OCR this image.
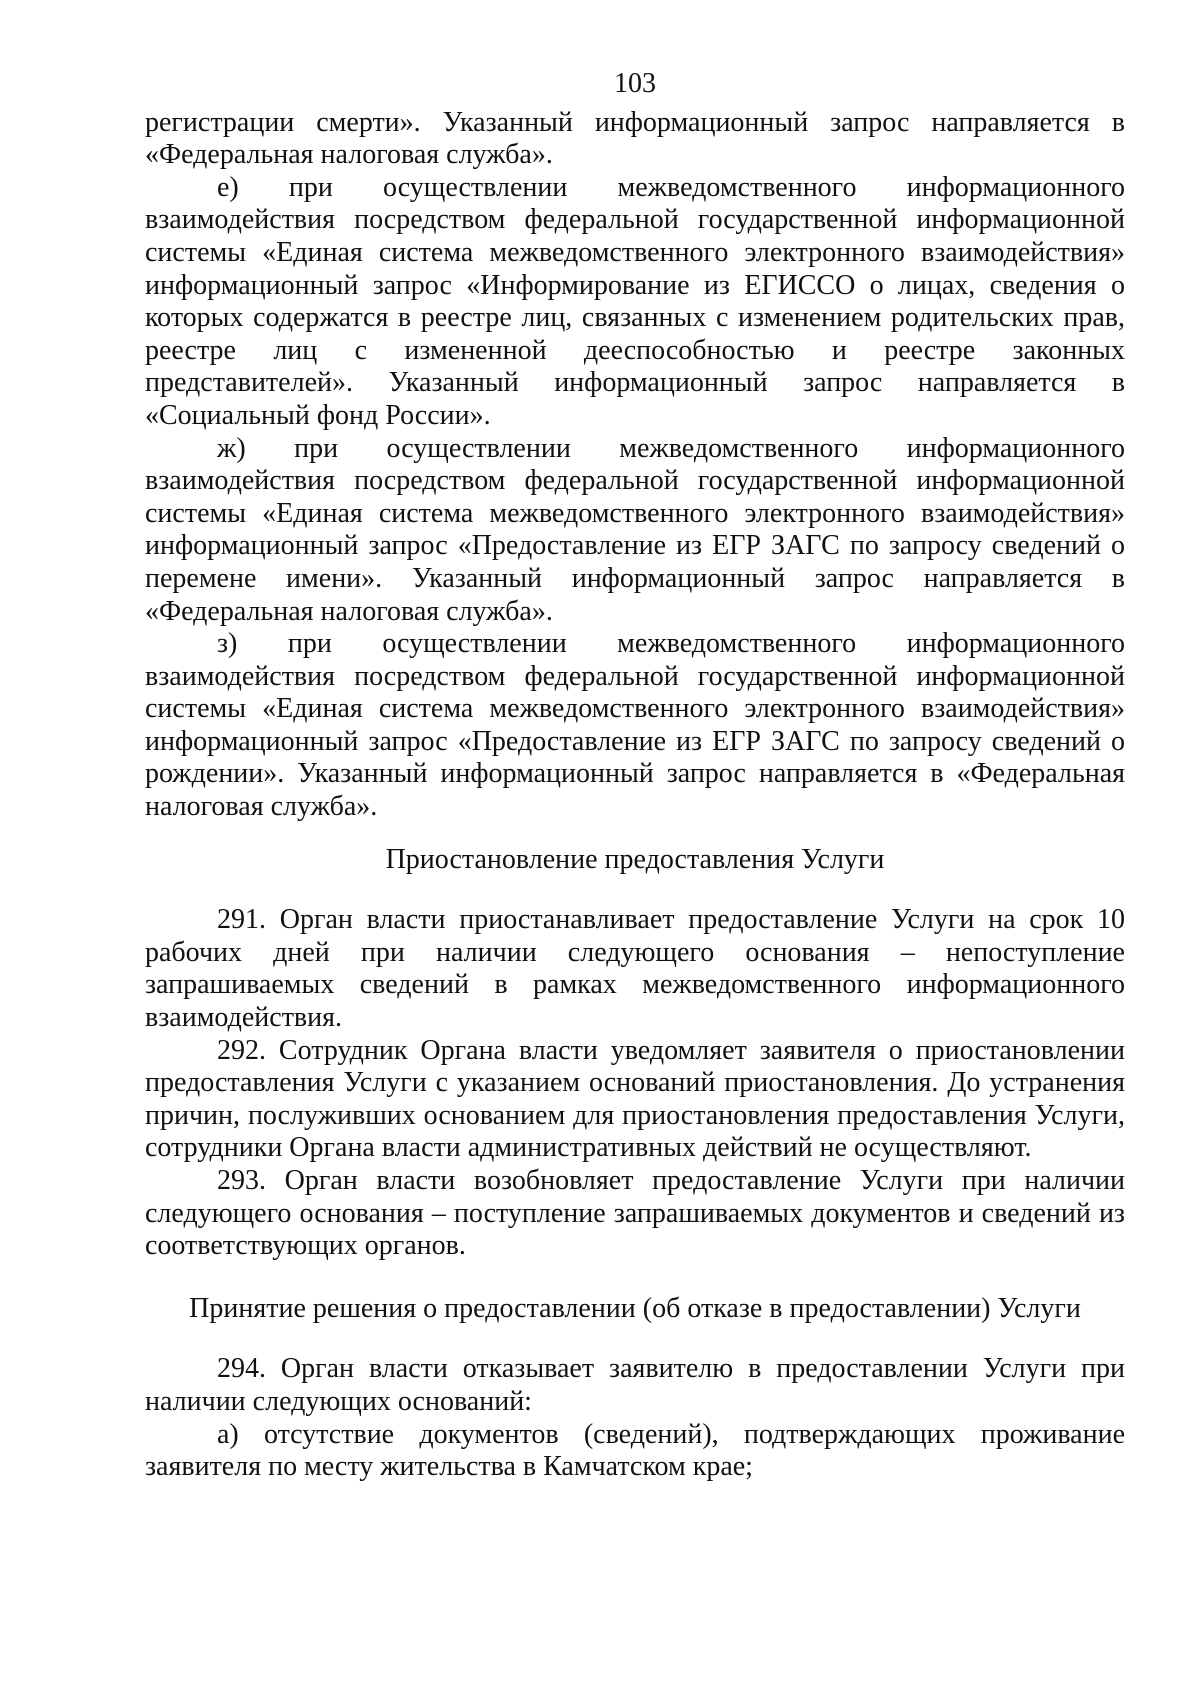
103

регистрации смерти». Указанный информационный запрос направляется в «Федеральная налоговая служба».

е) при осуществлении межведомственного информационного взаимодействия посредством федеральной государственной информационной системы «Единая система межведомственного электронного взаимодействия» информационный запрос «Информирование из ЕГИССО о лицах, сведения о которых содержатся в реестре лиц, связанных с изменением родительских прав, реестре лиц с измененной дееспособностью и реестре законных представителей». Указанный информационный запрос направляется в «Социальный фонд России».

ж) при осуществлении межведомственного информационного взаимодействия посредством федеральной государственной информационной системы «Единая система межведомственного электронного взаимодействия» информационный запрос «Предоставление из ЕГР ЗАГС по запросу сведений о перемене имени». Указанный информационный запрос направляется в «Федеральная налоговая служба».

з) при осуществлении межведомственного информационного взаимодействия посредством федеральной государственной информационной системы «Единая система межведомственного электронного взаимодействия» информационный запрос «Предоставление из ЕГР ЗАГС по запросу сведений о рождении». Указанный информационный запрос направляется в «Федеральная налоговая служба».

Приостановление предоставления Услуги

291. Орган власти приостанавливает предоставление Услуги на срок 10 рабочих дней при наличии следующего основания – непоступление запрашиваемых сведений в рамках межведомственного информационного взаимодействия.

292. Сотрудник Органа власти уведомляет заявителя о приостановлении предоставления Услуги с указанием оснований приостановления. До устранения причин, послуживших основанием для приостановления предоставления Услуги, сотрудники Органа власти административных действий не осуществляют.

293. Орган власти возобновляет предоставление Услуги при наличии следующего основания – поступление запрашиваемых документов и сведений из соответствующих органов.

Принятие решения о предоставлении (об отказе в предоставлении) Услуги

294. Орган власти отказывает заявителю в предоставлении Услуги при наличии следующих оснований:

а) отсутствие документов (сведений), подтверждающих проживание заявителя по месту жительства в Камчатском крае;
